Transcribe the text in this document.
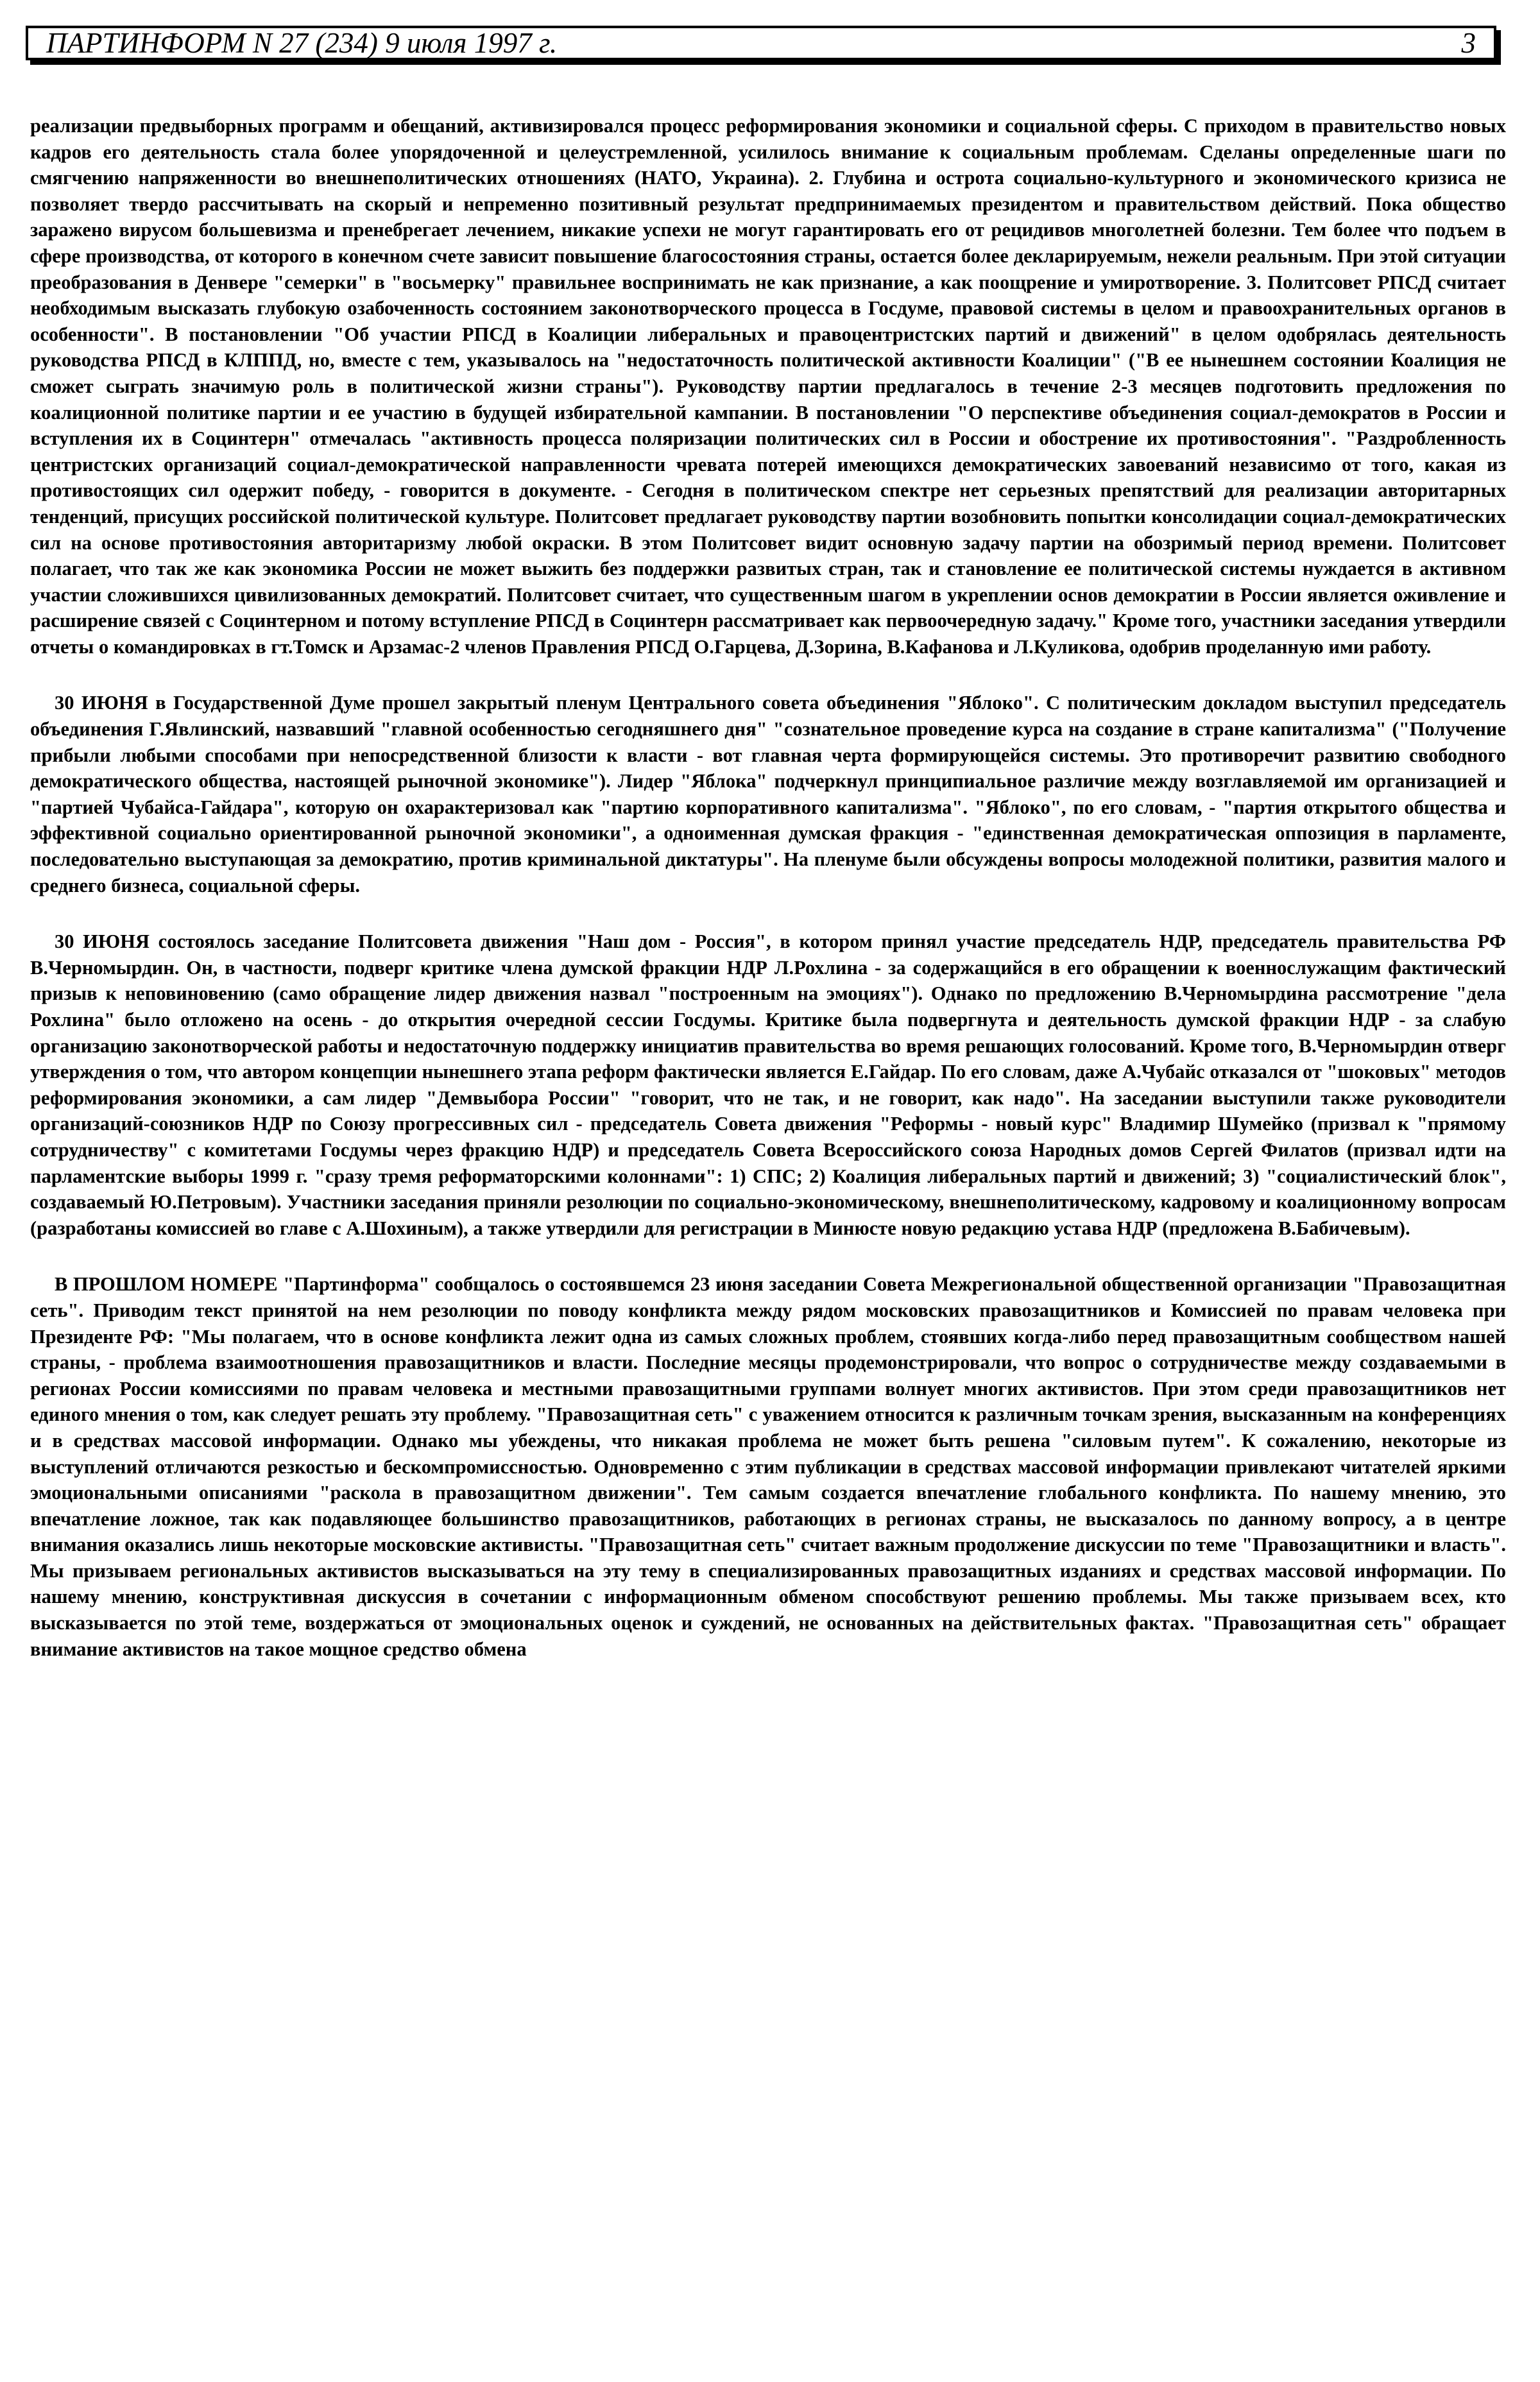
ПАРТИНФОРМ N 27 (234) 9 июля 1997 г.	3

реализации предвыборных программ и обещаний, активизировался процесс реформирования экономики и социальной сферы. С приходом в правительство новых кадров его деятельность стала более упорядоченной и целеустремленной, усилилось внимание к социальным проблемам. Сделаны определенные шаги по смягчению напряженности во внешнеполитических отношениях (НАТО, Украина). 2. Глубина и острота социально-культурного и экономического кризиса не позволяет твердо рассчитывать на скорый и непременно позитивный результат предпринимаемых президентом и правительством действий. Пока общество заражено вирусом большевизма и пренебрегает лечением, никакие успехи не могут гарантировать его от рецидивов многолетней болезни. Тем более что подъем в сфере производства, от которого в конечном счете зависит повышение благосостояния страны, остается более декларируемым, нежели реальным. При этой ситуации преобразования в Денвере "семерки" в "восьмерку" правильнее воспринимать не как признание, а как поощрение и умиротворение. 3. Политсовет РПСД считает необходимым высказать глубокую озабоченность состоянием законотворческого процесса в Госдуме, правовой системы в целом и правоохранительных органов в особенности". В постановлении "Об участии РПСД в Коалиции либеральных и правоцентристских партий и движений" в целом одобрялась деятельность руководства РПСД в КЛППД, но, вместе с тем, указывалось на "недостаточность политической активности Коалиции" ("В ее нынешнем состоянии Коалиция не сможет сыграть значимую роль в политической жизни страны"). Руководству партии предлагалось в течение 2-3 месяцев подготовить предложения по коалиционной политике партии и ее участию в будущей избирательной кампании. В постановлении "О перспективе объединения социал-демократов в России и вступления их в Социнтерн" отмечалась "активность процесса поляризации политических сил в России и обострение их противостояния". "Раздробленность центристских организаций социал-демократической направленности чревата потерей имеющихся демократических завоеваний независимо от того, какая из противостоящих сил одержит победу, - говорится в документе. - Сегодня в политическом спектре нет серьезных препятствий для реализации авторитарных тенденций, присущих российской политической культуре. Политсовет предлагает руководству партии возобновить попытки консолидации социал-демократических сил на основе противостояния авторитаризму любой окраски. В этом Политсовет видит основную задачу партии на обозримый период времени. Политсовет полагает, что так же как экономика России не может выжить без поддержки развитых стран, так и становление ее политической системы нуждается в активном участии сложившихся цивилизованных демократий. Политсовет считает, что существенным шагом в укреплении основ демократии в России является оживление и расширение связей с Социнтерном и потому вступление РПСД в Социнтерн рассматривает как первоочередную задачу." Кроме того, участники заседания утвердили отчеты о командировках в гт.Томск и Арзамас-2 членов Правления РПСД О.Гарцева, Д.Зорина, В.Кафанова и Л.Куликова, одобрив проделанную ими работу.

30 ИЮНЯ в Государственной Думе прошел закрытый пленум Центрального совета объединения "Яблоко". С политическим докладом выступил председатель объединения Г.Явлинский, назвавший "главной особенностью сегодняшнего дня" "сознательное проведение курса на создание в стране капитализма" ("Получение прибыли любыми способами при непосредственной близости к власти - вот главная черта формирующейся системы. Это противоречит развитию свободного демократического общества, настоящей рыночной экономике"). Лидер "Яблока" подчеркнул принципиальное различие между возглавляемой им организацией и "партией Чубайса-Гайдара", которую он охарактеризовал как "партию корпоративного капитализма". "Яблоко", по его словам, - "партия открытого общества и эффективной социально ориентированной рыночной экономики", а одноименная думская фракция - "единственная демократическая оппозиция в парламенте, последовательно выступающая за демократию, против криминальной диктатуры". На пленуме были обсуждены вопросы молодежной политики, развития малого и среднего бизнеса, социальной сферы.

30 ИЮНЯ состоялось заседание Политсовета движения "Наш дом - Россия", в котором принял участие председатель НДР, председатель правительства РФ В.Черномырдин. Он, в частности, подверг критике члена думской фракции НДР Л.Рохлина - за содержащийся в его обращении к военнослужащим фактический призыв к неповиновению (само обращение лидер движения назвал "построенным на эмоциях"). Однако по предложению В.Черномырдина рассмотрение "дела Рохлина" было отложено на осень - до открытия очередной сессии Госдумы. Критике была подвергнута и деятельность думской фракции НДР - за слабую организацию законотворческой работы и недостаточную поддержку инициатив правительства во время решающих голосований. Кроме того, В.Черномырдин отверг утверждения о том, что автором концепции нынешнего этапа реформ фактически является Е.Гайдар. По его словам, даже А.Чубайс отказался от "шоковых" методов реформирования экономики, а сам лидер "Демвыбора России" "говорит, что не так, и не говорит, как надо". На заседании выступили также руководители организаций-союзников НДР по Союзу прогрессивных сил - председатель Совета движения "Реформы - новый курс" Владимир Шумейко (призвал к "прямому сотрудничеству" с комитетами Госдумы через фракцию НДР) и председатель Совета Всероссийского союза Народных домов Сергей Филатов (призвал идти на парламентские выборы 1999 г. "сразу тремя реформаторскими колоннами": 1) СПС; 2) Коалиция либеральных партий и движений; 3) "социалистический блок", создаваемый Ю.Петровым). Участники заседания приняли резолюции по социально-экономическому, внешнеполитическому, кадровому и коалиционному вопросам (разработаны комиссией во главе с А.Шохиным), а также утвердили для регистрации в Минюсте новую редакцию устава НДР (предложена В.Бабичевым).

В ПРОШЛОМ НОМЕРЕ "Партинформа" сообщалось о состоявшемся 23 июня заседании Совета Межрегиональной общественной организации "Правозащитная сеть". Приводим текст принятой на нем резолюции по поводу конфликта между рядом московских правозащитников и Комиссией по правам человека при Президенте РФ: "Мы полагаем, что в основе конфликта лежит одна из самых сложных проблем, стоявших когда-либо перед правозащитным сообществом нашей страны, - проблема взаимоотношения правозащитников и власти. Последние месяцы продемонстрировали, что вопрос о сотрудничестве между создаваемыми в регионах России комиссиями по правам человека и местными правозащитными группами волнует многих активистов. При этом среди правозащитников нет единого мнения о том, как следует решать эту проблему. "Правозащитная сеть" с уважением относится к различным точкам зрения, высказанным на конференциях и в средствах массовой информации. Однако мы убеждены, что никакая проблема не может быть решена "силовым путем". К сожалению, некоторые из выступлений отличаются резкостью и бескомпромиссностью. Одновременно с этим публикации в средствах массовой информации привлекают читателей яркими эмоциональными описаниями "раскола в правозащитном движении". Тем самым создается впечатление глобального конфликта. По нашему мнению, это впечатление ложное, так как подавляющее большинство правозащитников, работающих в регионах страны, не высказалось по данному вопросу, а в центре внимания оказались лишь некоторые московские активисты. "Правозащитная сеть" считает важным продолжение дискуссии по теме "Правозащитники и власть". Мы призываем региональных активистов высказываться на эту тему в специализированных правозащитных изданиях и средствах массовой информации. По нашему мнению, конструктивная дискуссия в сочетании с информационным обменом способствуют решению проблемы. Мы также призываем всех, кто высказывается по этой теме, воздержаться от эмоциональных оценок и суждений, не основанных на действительных фактах. "Правозащитная сеть" обращает внимание активистов на такое мощное средство обмена
